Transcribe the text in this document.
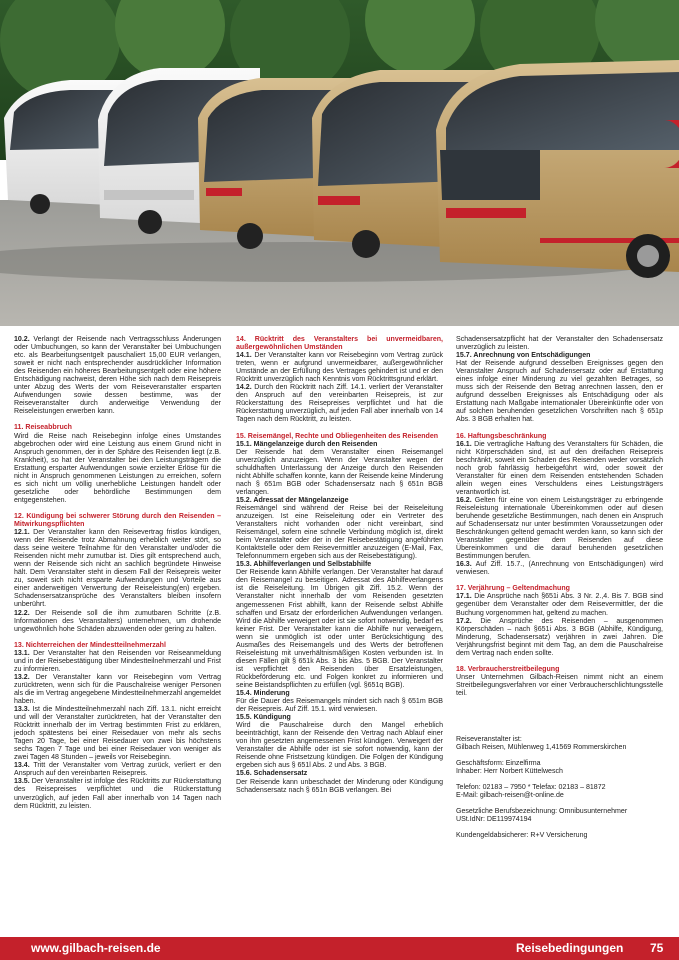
10.2. Verlangt der Reisende nach Vertragsschluss Änderungen oder Umbuchungen, so kann der Veranstalter bei Umbuchungen etc. als Bearbeitungsentgelt pauschaliert 15,00 EUR verlangen, soweit er nicht nach entsprechender ausdrücklicher Information des Reisenden ein höheres Bearbeitungsentgelt oder eine höhere Entschädigung nachweist, deren Höhe sich nach dem Reisepreis unter Abzug des Werts der vom Reiseveranstalter ersparten Aufwendungen sowie dessen bestimme, was der Reiseveranstalter durch anderweitige Verwendung der Reiseleistungen erwerben kann.

11. Reiseabbruch

Wird die Reise nach Reisebeginn infolge eines Umstandes abgebrochen oder wird eine Leistung aus einem Grund nicht in Anspruch genommen, der in der Sphäre des Reisenden liegt (z.B. Krankheit), so hat der Veranstalter bei den Leistungsträgern die Erstattung ersparter Aufwendungen sowie erzielter Erlöse für die nicht in Anspruch genommenen Leistungen zu erreichen, sofern es sich nicht um völlig unerhebliche Leistungen handelt oder gesetzliche oder behördliche Bestimmungen dem entgegenstehen.

12. Kündigung bei schwerer Störung durch den Reisenden – Mitwirkungspflichten

12.1. Der Veranstalter kann den Reisevertrag fristlos kündigen, wenn der Reisende trotz Abmahnung erheblich weiter stört, so dass seine weitere Teilnahme für den Veranstalter und/oder die Reisenden nicht mehr zumutbar ist. Dies gilt entsprechend auch, wenn der Reisende sich nicht an sachlich begründete Hinweise hält. Dem Veranstalter steht in diesem Fall der Reisepreis weiter zu, soweit sich nicht ersparte Aufwendungen und Vorteile aus einer anderweitigen Verwertung der Reiseleistung(en) ergeben. Schadensersatzansprüche des Veranstalters bleiben insofern unberührt.

12.2. Der Reisende soll die ihm zumutbaren Schritte (z.B. Informationen des Veranstalters) unternehmen, um drohende ungewöhnlich hohe Schäden abzuwenden oder gering zu halten.

13. Nichterreichen der Mindestteilnehmerzahl

13.1. Der Veranstalter hat den Reisenden vor Reiseanmeldung und in der Reisebestätigung über Mindestteilnehmerzahl und Frist zu informieren.

13.2. Der Veranstalter kann vor Reisebeginn vom Vertrag zurücktreten, wenn sich für die Pauschalreise weniger Personen als die im Vertrag angegebene Mindestteilnehmerzahl angemeldet haben.

13.3. Ist die Mindestteilnehmerzahl nach Ziff. 13.1. nicht erreicht und will der Veranstalter zurücktreten, hat der Veranstalter den Rücktritt innerhalb der im Vertrag bestimmten Frist zu erklären, jedoch spätestens bei einer Reisedauer von mehr als sechs Tagen 20 Tage, bei einer Reisedauer von zwei bis höchstens sechs Tagen 7 Tage und bei einer Reisedauer von weniger als zwei Tagen 48 Stunden – jeweils vor Reisebeginn.

13.4. Tritt der Veranstalter vom Vertrag zurück, verliert er den Anspruch auf den vereinbarten Reisepreis.

13.5. Der Veranstalter ist infolge des Rücktritts zur Rückerstattung des Reisepreises verpflichtet und die Rückerstattung unverzüglich, auf jeden Fall aber innerhalb von 14 Tagen nach dem Rücktritt, zu leisten.

14. Rücktritt des Veranstalters bei unvermeidbaren, außergewöhnlichen Umständen

14.1. Der Veranstalter kann vor Reisebeginn vom Vertrag zurück treten, wenn er aufgrund unvermeidbarer, außergewöhnlicher Umstände an der Erfüllung des Vertrages gehindert ist und er den Rücktritt unverzüglich nach Kenntnis vom Rücktrittsgrund erklärt.

14.2. Durch den Rücktritt nach Ziff. 14.1. verliert der Veranstalter den Anspruch auf den vereinbarten Reisepreis, ist zur Rückerstattung des Reisepreises verpflichtet und hat die Rückerstattung unverzüglich, auf jeden Fall aber innerhalb von 14 Tagen nach dem Rücktritt, zu leisten.

15. Reisemängel, Rechte und Obliegenheiten des Reisenden

15.1. Mängelanzeige durch den Reisenden

Der Reisende hat dem Veranstalter einen Reisemangel unverzüglich anzuzeigen. Wenn der Veranstalter wegen der schuldhaften Unterlassung der Anzeige durch den Reisenden nicht Abhilfe schaffen konnte, kann der Reisende keine Minderung nach § 651m BGB oder Schadensersatz nach § 651n BGB verlangen.

15.2. Adressat der Mängelanzeige

Reisemängel sind während der Reise bei der Reiseleitung anzuzeigen. Ist eine Reiseleitung oder ein Vertreter des Veranstalters nicht vorhanden oder nicht vereinbart, sind Reisemängel, sofern eine schnelle Verbindung möglich ist, direkt beim Veranstalter oder der in der Reisebestätigung angeführten Kontaktstelle oder dem Reisevermittler anzuzeigen (E-Mail, Fax, Telefonnummern ergeben sich aus der Reisebestätigung).

15.3. Abhilfeverlangen und Selbstabhilfe

Der Reisende kann Abhilfe verlangen. Der Veranstalter hat darauf den Reisemangel zu beseitigen. Adressat des Abhilfeverlangens ist die Reiseleitung. Im Übrigen gilt Ziff. 15.2. Wenn der Veranstalter nicht innerhalb der vom Reisenden gesetzten angemessenen Frist abhilft, kann der Reisende selbst Abhilfe schaffen und Ersatz der erforderlichen Aufwendungen verlangen. Wird die Abhilfe verweigert oder ist sie sofort notwendig, bedarf es keiner Frist. Der Veranstalter kann die Abhilfe nur verweigern, wenn sie unmöglich ist oder unter Berücksichtigung des Ausmaßes des Reisemangels und des Werts der betroffenen Reiseleistung mit unverhältnismäßigen Kosten verbunden ist. In diesen Fällen gilt § 651k Abs. 3 bis Abs. 5 BGB. Der Veranstalter ist verpflichtet den Reisenden über Ersatzleistungen, Rückbeförderung etc. und Folgen konkret zu informieren und seine Beistandspflichten zu erfüllen (vgl. §651q BGB).

15.4. Minderung

Für die Dauer des Reisemangels mindert sich nach § 651m BGB der Reisepreis. Auf Ziff. 15.1. wird verwiesen.

15.5. Kündigung

Wird die Pauschalreise durch den Mangel erheblich beeinträchtigt, kann der Reisende den Vertrag nach Ablauf einer von ihm gesetzten angemessenen Frist kündigen. Verweigert der Veranstalter die Abhilfe oder ist sie sofort notwendig, kann der Reisende ohne Fristsetzung kündigen. Die Folgen der Kündigung ergeben sich aus § 651l Abs. 2 und Abs. 3 BGB.

15.6. Schadensersatz

Der Reisende kann unbeschadet der Minderung oder Kündigung Schadensersatz nach § 651n BGB verlangen. Bei

Schadensersatzpflicht hat der Veranstalter den Schadensersatz unverzüglich zu leisten.

15.7. Anrechnung von Entschädigungen

Hat der Reisende aufgrund desselben Ereignisses gegen den Veranstalter Anspruch auf Schadensersatz oder auf Erstattung eines infolge einer Minderung zu viel gezahlten Betrages, so muss sich der Reisende den Betrag anrechnen lassen, den er aufgrund desselben Ereignisses als Entschädigung oder als Erstattung nach Maßgabe internationaler Übereinkünfte oder von auf solchen beruhenden gesetzlichen Vorschriften nach § 651p Abs. 3 BGB erhalten hat.

16. Haftungsbeschränkung

16.1. Die vertragliche Haftung des Veranstalters für Schäden, die nicht Körperschäden sind, ist auf den dreifachen Reisepreis beschränkt, soweit ein Schaden des Reisenden weder vorsätzlich noch grob fahrlässig herbeigeführt wird, oder soweit der Veranstalter für einen dem Reisenden entstehenden Schaden allein wegen eines Verschuldens eines Leistungsträgers verantwortlich ist.

16.2. Gelten für eine von einem Leistungsträger zu erbringende Reiseleistung internationale Übereinkommen oder auf diesen beruhende gesetzliche Bestimmungen, nach denen ein Anspruch auf Schadensersatz nur unter bestimmten Voraussetzungen oder Beschränkungen geltend gemacht werden kann, so kann sich der Veranstalter gegenüber dem Reisenden auf diese Übereinkommen und die darauf beruhenden gesetzlichen Bestimmungen berufen.

16.3. Auf Ziff. 15.7., (Anrechnung von Entschädigungen) wird verwiesen.

17. Verjährung – Geltendmachung

17.1. Die Ansprüche nach §651i Abs. 3 Nr. 2.,4. Bis 7. BGB sind gegenüber dem Veranstalter oder dem Reisevermittler, der die Buchung vorgenommen hat, geltend zu machen.

17.2. Die Ansprüche des Reisenden – ausgenommen Körperschäden – nach §651i Abs. 3 BGB (Abhilfe, Kündigung, Minderung, Schadensersatz) verjähren in zwei Jahren. Die Verjährungsfrist beginnt mit dem Tag, an dem die Pauschalreise dem Vertrag nach enden sollte.

18. Verbraucherstreitbeilegung

Unser Unternehmen Gilbach-Reisen nimmt nicht an einem Streitbeilegungsverfahren vor einer Verbraucherschlichtungsstelle teil.

Reiseveranstalter ist:

Gilbach Reisen, Mühlenweg 1,41569 Rommerskirchen

Geschäftsform: Einzelfirma

Inhaber: Herr Norbert Küttelwesch

Telefon: 02183 – 7950 * Telefax: 02183 – 81872

E-Mail: gilbach-reisen@t-online.de

Gesetzliche Berufsbezeichnung: Omnibusunternehmer

USt.IdNr: DE119974194

Kundengeldabsicherer: R+V Versicherung

www.gilbach-reisen.de	Reisebedingungen 75
